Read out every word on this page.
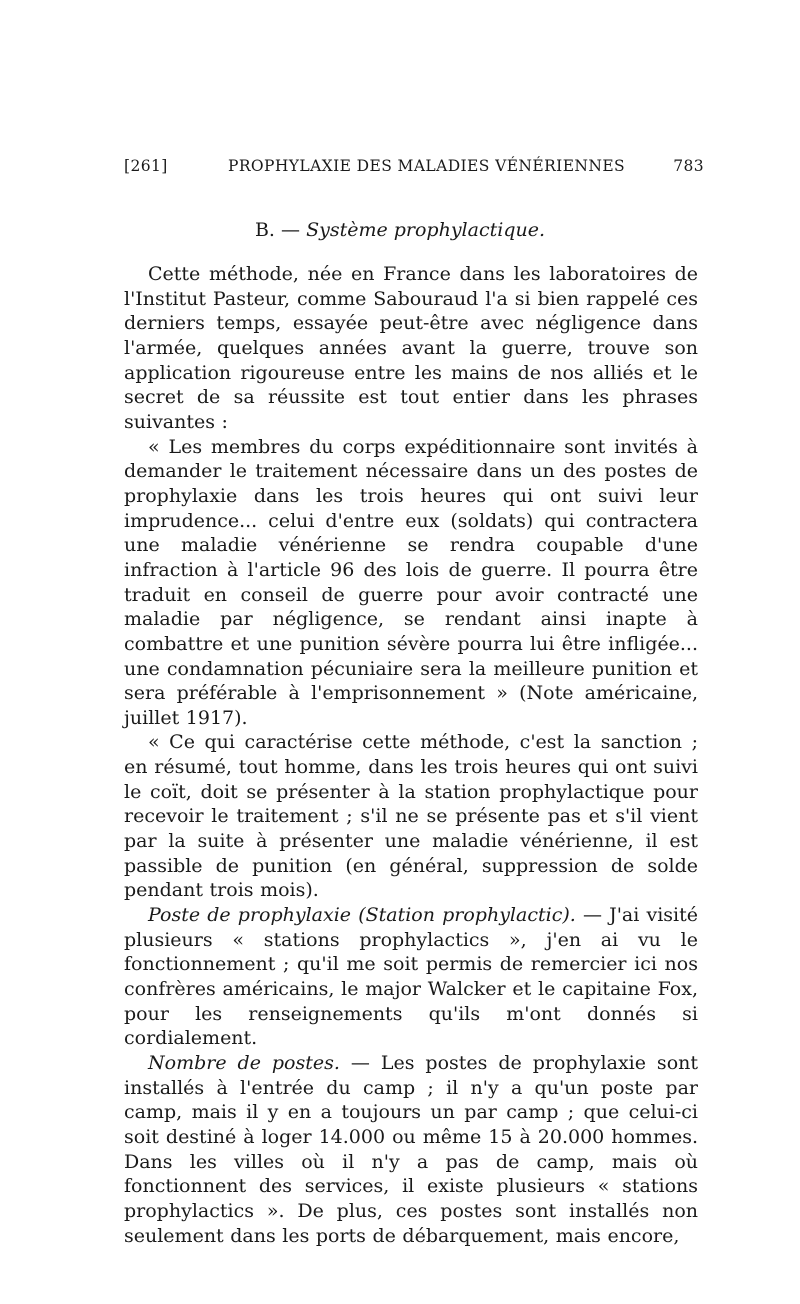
[261]	PROPHYLAXIE DES MALADIES VÉNÉRIENNES	783
B. — Système prophylactique.

Cette méthode, née en France dans les laboratoires de l'Institut Pasteur, comme Sabouraud l'a si bien rappelé ces derniers temps, essayée peut-être avec négligence dans l'armée, quelques années avant la guerre, trouve son application rigoureuse entre les mains de nos alliés et le secret de sa réussite est tout entier dans les phrases suivantes :

« Les membres du corps expéditionnaire sont invités à demander le traitement nécessaire dans un des postes de prophylaxie dans les trois heures qui ont suivi leur imprudence... celui d'entre eux (soldats) qui contractera une maladie vénérienne se rendra coupable d'une infraction à l'article 96 des lois de guerre. Il pourra être traduit en conseil de guerre pour avoir contracté une maladie par négligence, se rendant ainsi inapte à combattre et une punition sévère pourra lui être infligée... une condamnation pécuniaire sera la meilleure punition et sera préférable à l'emprisonnement » (Note américaine, juillet 1917).

« Ce qui caractérise cette méthode, c'est la sanction ; en résumé, tout homme, dans les trois heures qui ont suivi le coït, doit se présenter à la station prophylactique pour recevoir le traitement ; s'il ne se présente pas et s'il vient par la suite à présenter une maladie vénérienne, il est passible de punition (en général, suppression de solde pendant trois mois).

Poste de prophylaxie (Station prophylactic). — J'ai visité plusieurs « stations prophylactics », j'en ai vu le fonctionnement ; qu'il me soit permis de remercier ici nos confrères américains, le major Walcker et le capitaine Fox, pour les renseignements qu'ils m'ont donnés si cordialement.

Nombre de postes. — Les postes de prophylaxie sont installés à l'entrée du camp ; il n'y a qu'un poste par camp, mais il y en a toujours un par camp ; que celui-ci soit destiné à loger 14.000 ou même 15 à 20.000 hommes. Dans les villes où il n'y a pas de camp, mais où fonctionnent des services, il existe plusieurs « stations prophylactics ». De plus, ces postes sont installés non seulement dans les ports de débarquement, mais encore,
